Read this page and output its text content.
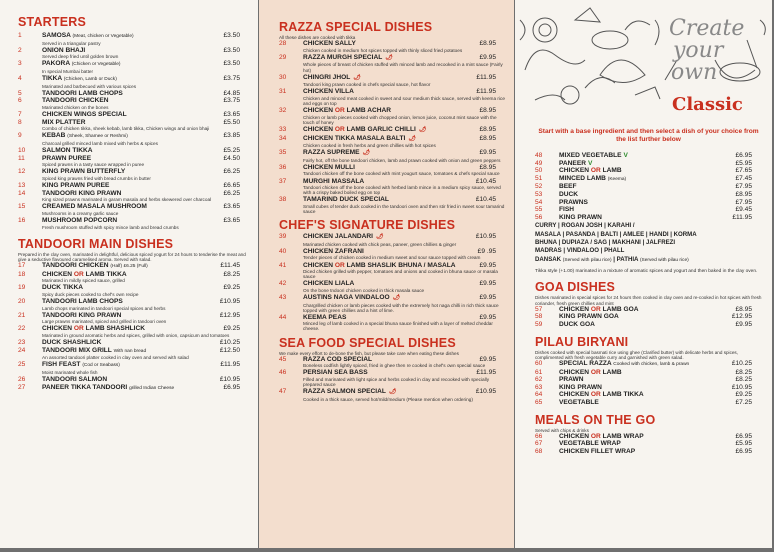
STARTERS
1	SAMOSA (Meat, chicken or Vegetable)	£3.50
Served in a triangular pastry
2	ONION BHAJI	£3.50
Served deep fried until golden brown
3	PAKORA (Chicken or Vegetable)	£3.50
In special Mumbai batter
4	TIKKA (Chicken, Lamb or Duck)	£3.75
Marinated and barbecued with various spices
5	TANDOORI LAMB CHOPS	£4.85
6	TANDOORI CHICKEN	£3.75
Marinated chicken on the bones
7	CHICKEN WINGS SPECIAL	£3.65
8	MIX PLATTER	£5.50
Combo of chicken tikka, sheek kebab, lamb tikka, Chicken wings and onion bhaji
9	KEBAB (Sheek, Shamee or Reshmi)	£3.85
Charcoal grilled minced lamb mixed with herbs & spices
10	SALMON TIKKA	£5.25
11	PRAWN PUREE	£4.50
Spiced prawns in a tasty sauce wrapped in puree
12	KING PRAWN BUTTERFLY	£6.25
Spiced king prawns fried with bread crumbs in butter
13	KING PRAWN PUREE	£6.65
14	TANDOORI KING PRAWN	£6.25
King sized prawns marinated in garam masala and herbs skewered over charcoal
15	CREAMED MASALA MUSHROOM	£3.65
Mushrooms in a creamy garlic sauce
16	MUSHROOM POPCORN	£3.65
Fresh mushroom stuffed with spicy mince lamb and bread crumbs
TANDOORI MAIN DISHES

Prepared in the clay oven, marinated in delightful, delicious spiced yogurt for 24 hours to tenderise the meat and give a seductive flavoured caramelised aroma. Served with salad.

17	TANDOORI CHICKEN (Half) £6.25 (Full)	£11.45
18	CHICKEN OR LAMB TIKKA	£8.25
Marinated in mildly spiced sauce, grilled
19	DUCK TIKKA	£9.25
Spicy duck pieces cooked to chef's own recipe
20	TANDOORI LAMB CHOPS	£10.95
Lamb chops marinated in tandoori special spices and herbs
21	TANDOORI KING PRAWN	£12.95
Large prawns marinated, spiced and grilled in tandoori oven
22	CHICKEN OR LAMB SHASHLICK	£9.25
Marinated in ground aromatic herbs and spices, grilled with onion, capsicum and tomatoes
23	DUCK SHASHLICK	£10.25
24	TANDOORI MIX GRILL With nan bread	£12.50
An assorted tandoori platter cooked in clay oven and served with salad
25	FISH FEAST (Cod or Seabass)	£11.95
Moist marinated whole fish
26	TANDOORI SALMON	£10.95
27	PANEER TIKKA TANDOORI grilled Indian Cheese	£6.95
RAZZA SPECIAL DISHES

All these dishes are cooked with tikka

28	CHICKEN SALLY	£8.95
Chicken cooked in medium hot spices topped with thinly sliced fried potatoes
29	RAZZA MURGH SPECIAL 🌶	£9.95
Whole pieces of breast of chicken stuffed with minced lamb and recooked in a mint sauce (Fairly hot)
30	CHINGRI JHOL 🌶	£11.95
Tandoori king prawn cooked in chefs special sauce, hot flavor
31	CHICKEN VILLA	£11.95
Chicken and minced meat cooked in sweet and sour medium thick sauce, served with keema rice and eggs on top
32	CHICKEN OR LAMB ACHAR	£8.95
Chicken or lamb pieces cooked with chopped onion, lemon juice, coconut mint sauce with the touch of honey
33	CHICKEN OR LAMB GARLIC CHILLI 🌶	£8.95
34	CHICKEN TIKKA MASALA BALTI 🌶	£8.95
Chicken cooked in fresh herbs and green chillies with hot spices
35	RAZZA SUPREME 🌶	£9.95
Fairly hot, off the bone tandoori chicken, lamb and prawn cooked with onion and green peppers
36	CHICKEN MULLI	£8.95
Tandoori chicken off the bone cooked with mint yougurt sauce, tomatoes & chefs special sauce
37	MURGHI MASSALA	£10.45
Tandoori chicken off the bone cooked with herbed lamb mince in a medium spicy sauce, served with a crispy baked boiled egg on top
38	TAMARIND DUCK SPECIAL	£10.45
Small cubes of tender duck cooked in the tandoori oven and then stir fried in sweet sour tamarind sauce
CHEF'S SIGNATURE DISHES
39	CHICKEN JALANDARI 🌶	£10.95
Marinated chicken cooked with chick peas, paneer, green chillies & ginger
40	CHICKEN ZAFRANI	£9 .95
Tender pieces of chicken cooked in medium sweet and sour sauce topped with cream
41	CHICKEN OR LAMB SHASLIK BHUNA / MASALA	£9.95
Diced chicken grilled with pepper, tomatoes and onions and cooked in bhuna sauce or masala sauce
42	CHICKEN LIALA	£9.95
On the bone tndoori chicken cooked in thick masala sauce
43	AUSTINS NAGA VINDALOO 🌶	£9.95
Chargrilled chicken or lamb pieces cooked with the extremely hot naga chilli in rich thick sauce topped with green chillies and a hint of lime.
44	KEEMA PEAS	£9.95
Minced leg of lamb cooked in a special bhuna sauce finished with a layer of melted cheddar cheese.
SEA FOOD SPECIAL DISHES

We make every effort to de-bone the fish, but please take care when eating these dishes

45	RAZZA COD SPECIAL	£9.95
Boneless codfish lightly spiced, fried in ghee then re cooked in chef's own special sauce
46	PERSIAN SEA BASS	£11.95
Filled and marinated with light spice and herbs cooked in clay and recooked with specially prepared sauce
47	RAZZA SALMON SPECIAL 🌶	£10.95
Cooked in a thick sauce, served hot/mild/medium (Please mention when ordering)
Create
your
own
Classic

Start with a base ingredient and then select a dish of your choice from the list further below

48	MIXED VEGETABLE V	£6.95
49	PANEER V	£5.95
50	CHICKEN OR LAMB	£7.65
51	MINCED LAMB (Keema)	£7.45
52	BEEF	£7.95
53	DUCK	£8.95
54	PRAWNS	£7.95
55	FISH	£9.45
56	KING PRAWN	£11.95
CURRY | ROGAN JOSH | KARAHI /
MASALA | PASANDA | BALTI | AMLEE | HANDI | KORMA
BHUNA | DUPIAZA / SAG | MAKHANI | JALFREZI
MADRAS | VINDALOO | PHALL
DANSAK (Served with pilau rice) | PATHIA (Served with pilau rice)

Tikka style (+1.00) marinated in a mixture of aromatic spices and yogurt and then baked in the clay oven.

GOA DISHES

Dishes marinated in special spices for 24 hours then cooked in clay oven and re-cooked in hot spices with fresh coriander, fresh green chillies and mint

57	CHICKEN OR LAMB GOA	£8.95
58	KING PRAWN GOA	£12.95
59	DUCK GOA	£9.95
PILAU BIRYANI

Dishes cooked with special basmati rice using ghee (Clarified butter) with delicate herbs and spices, complimented with fresh vegetable curry and garnished with green salad.

60	SPECIAL RAZZA Cooked with chicken, lamb & prawn	£10.25
61	CHICKEN OR LAMB	£8.25
62	PRAWN	£8.25
63	KING PRAWN	£10.95
64	CHICKEN OR LAMB TIKKA	£9.25
65	VEGETABLE	£7.25
MEALS ON THE GO

Served with chips & drinks

66	CHICKEN OR LAMB WRAP	£6.95
67	VEGETABLE WRAP	£5.95
68	CHICKEN FILLET WRAP	£6.95
